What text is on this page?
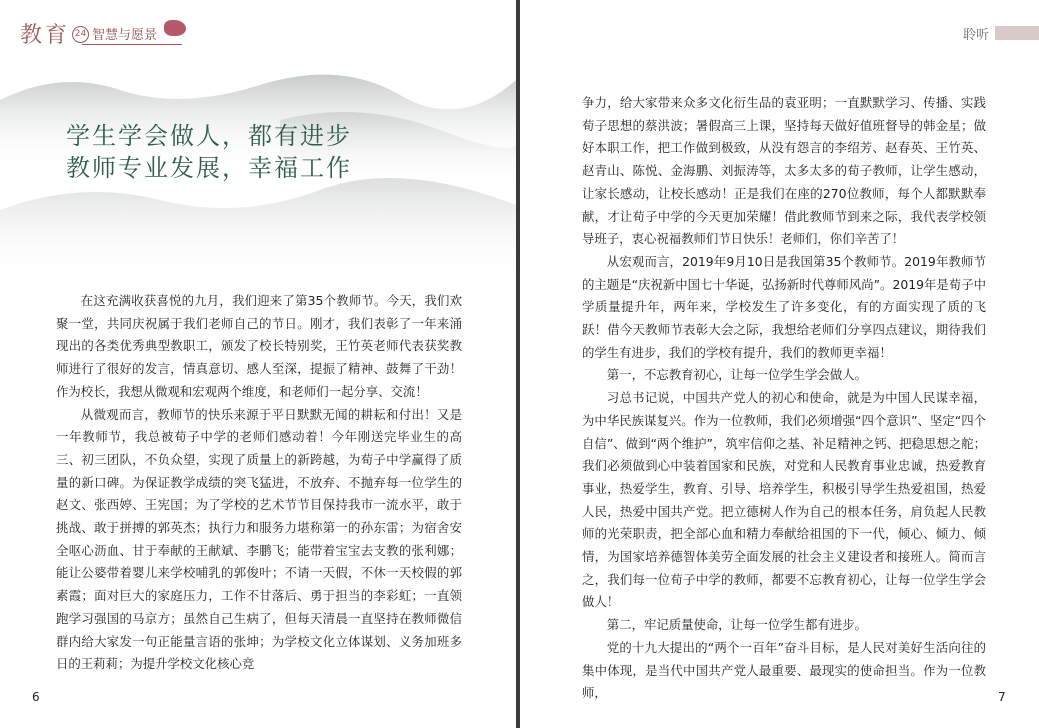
教育 24 智慧与愿景
学生学会做人，都有进步
教师专业发展，幸福工作

在这充满收获喜悦的九月，我们迎来了第35个教师节。今天，我们欢聚一堂，共同庆祝属于我们老师自己的节日。刚才，我们表彰了一年来涌现出的各类优秀典型教职工，颁发了校长特别奖，王竹英老师代表获奖教师进行了很好的发言，情真意切、感人至深，提振了精神、鼓舞了干劲！作为校长，我想从微观和宏观两个维度，和老师们一起分享、交流！

从微观而言，教师节的快乐来源于平日默默无闻的耕耘和付出！又是一年教师节，我总被荀子中学的老师们感动着！今年刚送完毕业生的高三、初三团队，不负众望，实现了质量上的新跨越，为荀子中学赢得了质量的新口碑。为保证教学成绩的突飞猛进，不放弃、不抛弃每一位学生的赵文、张西婷、王宪国；为了学校的艺术节节目保持我市一流水平，敢于挑战、敢于拼搏的郭英杰；执行力和服务力堪称第一的孙东雷；为宿舍安全呕心沥血、甘于奉献的王献斌、李鹏飞；能带着宝宝去支教的张利娜；能让公婆带着婴儿来学校哺乳的郭俊叶；不请一天假，不休一天校假的郭素霞；面对巨大的家庭压力，工作不甘落后、勇于担当的李彩虹；一直领跑学习强国的马京方；虽然自己生病了，但每天清晨一直坚持在教师微信群内给大家发一句正能量言语的张坤；为学校文化立体谋划、义务加班多日的王莉莉；为提升学校文化核心竞

6
聆听

争力，给大家带来众多文化衍生品的袁亚明；一直默默学习、传播、实践荀子思想的蔡洪波；暑假高三上课，坚持每天做好值班督导的韩金星；做好本职工作，把工作做到极致，从没有怨言的李绍芳、赵春英、王竹英、赵青山、陈悦、金海鹏、刘振涛等，太多太多的荀子教师，让学生感动，让家长感动，让校长感动！正是我们在座的270位教师，每个人都默默奉献，才让荀子中学的今天更加荣耀！借此教师节到来之际，我代表学校领导班子，衷心祝福教师们节日快乐！老师们，你们辛苦了！

从宏观而言，2019年9月10日是我国第35个教师节。2019年教师节的主题是“庆祝新中国七十华诞，弘扬新时代尊师风尚”。2019年是荀子中学质量提升年，两年来，学校发生了许多变化，有的方面实现了质的飞跃！借今天教师节表彰大会之际，我想给老师们分享四点建议，期待我们的学生有进步，我们的学校有提升，我们的教师更幸福！

第一，不忘教育初心，让每一位学生学会做人。

习总书记说，中国共产党人的初心和使命，就是为中国人民谋幸福，为中华民族谋复兴。作为一位教师，我们必须增强“四个意识”、坚定“四个自信”、做到“两个维护”，筑牢信仰之基、补足精神之钙、把稳思想之舵；我们必须做到心中装着国家和民族，对党和人民教育事业忠诚，热爱教育事业，热爱学生，教育、引导、培养学生，积极引导学生热爱祖国，热爱人民，热爱中国共产党。把立德树人作为自己的根本任务，肩负起人民教师的光荣职责，把全部心血和精力奉献给祖国的下一代，倾心、倾力、倾情，为国家培养德智体美劳全面发展的社会主义建设者和接班人。简而言之，我们每一位荀子中学的教师，都要不忘教育初心，让每一位学生学会做人！

第二，牢记质量使命，让每一位学生都有进步。

党的十九大提出的“两个一百年”奋斗目标，是人民对美好生活向往的集中体现，是当代中国共产党人最重要、最现实的使命担当。作为一位教师，	7
